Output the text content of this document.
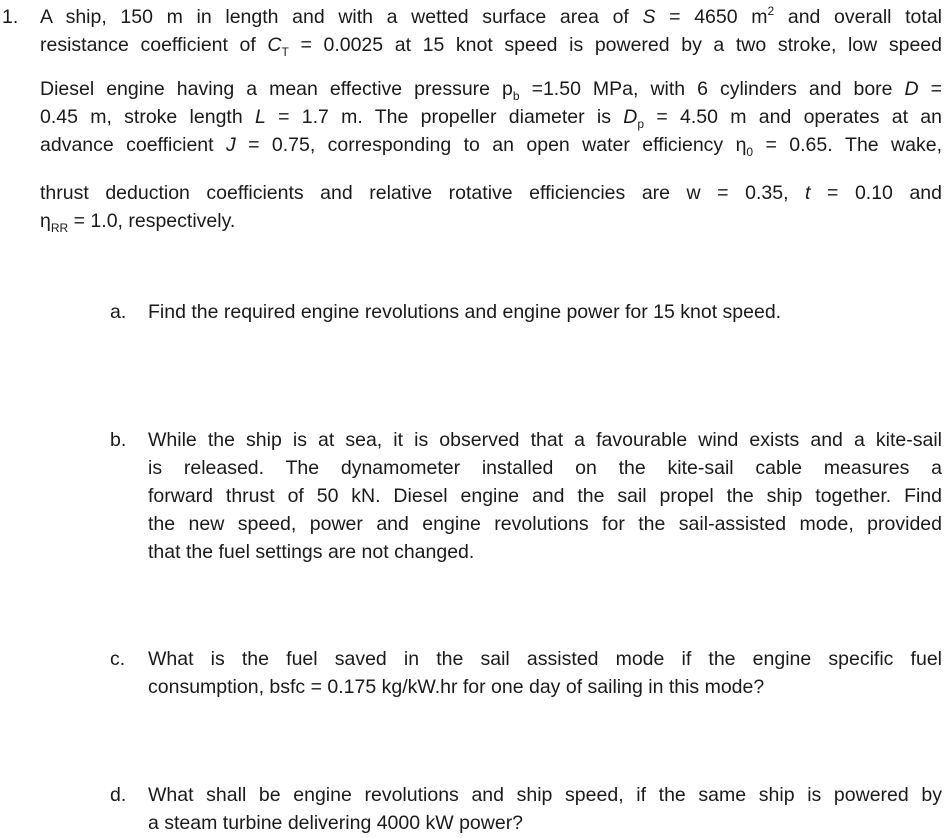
1. A ship, 150 m in length and with a wetted surface area of S = 4650 $m^2$ and overall total
resistance coefficient of $C_T = 0.0025$ at 15 knot speed is powered by a two stroke, low speed
Diesel engine having a mean effective pressure $p_b =1.50$ MPa, with 6 cylinders and bore D =
0.45 m, stroke length L = 1.7 m. The propeller diameter is $D_p = 4.50$ m and operates at an
advance coefficient J = 0.75, corresponding to an open water efficiency $\eta_0 = 0.65$. The wake,
thrust deduction coefficients and relative rotative efficiencies are w = 0.35, t = 0.10 and
$\eta_{RR} = 1.0$, respectively.
a. Find the required engine revolutions and engine power for 15 knot speed.
b. While the ship is at sea, it is observed that a favourable wind exists and a kite-sail
is released. The dynamometer installed on the kite-sail cable measures a
forward thrust of 50 kN. Diesel engine and the sail propel the ship together. Find
the new speed, power and engine revolutions for the sail-assisted mode, provided
that the fuel settings are not changed.
c. What is the fuel saved in the sail assisted mode if the engine specific fuel
consumption, bsfc = 0.175 kg/kW.hr for one day of sailing in this mode?
d. What shall be engine revolutions and ship speed, if the same ship is powered by
a steam turbine delivering 4000 kW power?
